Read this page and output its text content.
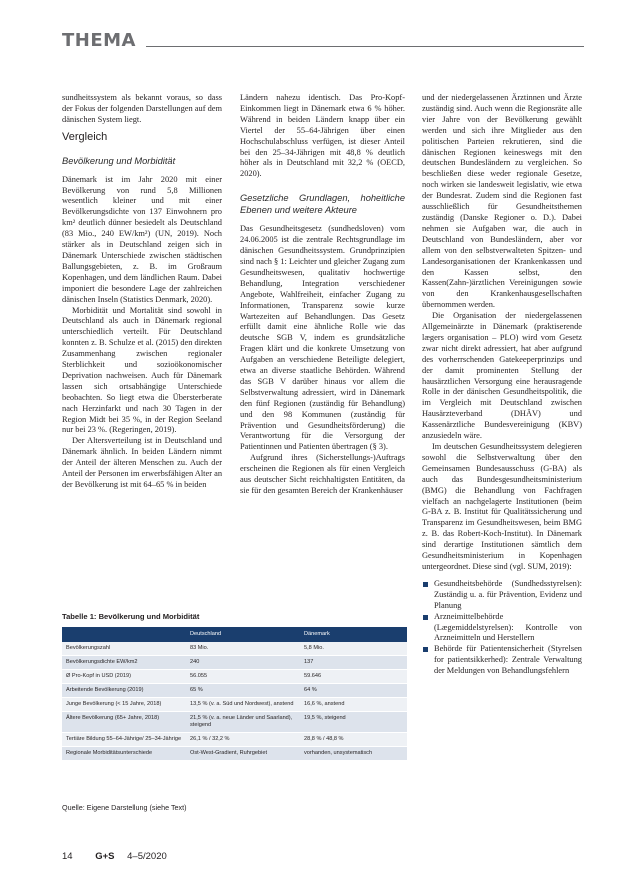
THEMA

sundheitssystem als bekannt voraus, so dass der Fokus der folgenden Darstellungen auf dem dänischen System liegt.

Vergleich
Bevölkerung und Morbidität

Dänemark ist im Jahr 2020 mit einer Bevölkerung von rund 5,8 Millionen wesentlich kleiner und mit einer Bevölkerungsdichte von 137 Einwohnern pro km² deutlich dünner besiedelt als Deutschland (83 Mio., 240 EW/km²) (UN, 2019). Noch stärker als in Deutschland zeigen sich in Dänemark Unterschiede zwischen städtischen Ballungsgebieten, z. B. im Großraum Kopenhagen, und dem ländlichen Raum. Dabei imponiert die besondere Lage der zahlreichen dänischen Inseln (Statistics Denmark, 2020).

Morbidität und Mortalität sind sowohl in Deutschland als auch in Dänemark regional unterschiedlich verteilt. Für Deutschland konnten z. B. Schulze et al. (2015) den direkten Zusammenhang zwischen regionaler Sterblichkeit und sozioökonomischer Deprivation nachweisen. Auch für Dänemark lassen sich ortsabhängige Unterschiede beobachten. So liegt etwa die Übersterberate nach Herzinfarkt und nach 30 Tagen in der Region Midt bei 35 %, in der Region Seeland nur bei 23 %. (Regeringen, 2019).

Der Altersverteilung ist in Deutschland und Dänemark ähnlich. In beiden Ländern nimmt der Anteil der älteren Menschen zu. Auch der Anteil der Personen im erwerbsfähigen Alter an der Bevölkerung ist mit 64–65 % in beiden

Ländern nahezu identisch. Das Pro-Kopf-Einkommen liegt in Dänemark etwa 6 % höher. Während in beiden Ländern knapp über ein Viertel der 55–64-Jährigen über einen Hochschulabschluss verfügen, ist dieser Anteil bei den 25–34-Jährigen mit 48,8 % deutlich höher als in Deutschland mit 32,2 % (OECD, 2020).

Gesetzliche Grundlagen, hoheitliche Ebenen und weitere Akteure

Das Gesundheitsgesetz (sundhedsloven) vom 24.06.2005 ist die zentrale Rechtsgrundlage im dänischen Gesundheitssystem. Grundprinzipien sind nach § 1: Leichter und gleicher Zugang zum Gesundheitswesen, qualitativ hochwertige Behandlung, Integration verschiedener Angebote, Wahlfreiheit, einfacher Zugang zu Informationen, Transparenz sowie kurze Wartezeiten auf Behandlungen. Das Gesetz erfüllt damit eine ähnliche Rolle wie das deutsche SGB V, indem es grundsätzliche Fragen klärt und die konkrete Umsetzung von Aufgaben an verschiedene Beteiligte delegiert, etwa an diverse staatliche Behörden. Während das SGB V darüber hinaus vor allem die Selbstverwaltung adressiert, wird in Dänemark den fünf Regionen (zuständig für Behandlung) und den 98 Kommunen (zuständig für Prävention und Gesundheitsförderung) die Verantwortung für die Versorgung der Patientinnen und Patienten übertragen (§ 3).

Aufgrund ihres (Sicherstellungs-)Auftrags erscheinen die Regionen als für einen Vergleich aus deutscher Sicht reichhaltigsten Entitäten, da sie für den gesamten Bereich der Krankenhäuser

und der niedergelassenen Ärztinnen und Ärzte zuständig sind. Auch wenn die Regionsräte alle vier Jahre von der Bevölkerung gewählt werden und sich ihre Mitglieder aus den politischen Parteien rekrutieren, sind die dänischen Regionen keineswegs mit den deutschen Bundesländern zu vergleichen. So beschließen diese weder regionale Gesetze, noch wirken sie landesweit legislativ, wie etwa der Bundesrat. Zudem sind die Regionen fast ausschließlich für Gesundheitsthemen zuständig (Danske Regioner o. D.). Dabei nehmen sie Aufgaben war, die auch in Deutschland von Bundesländern, aber vor allem von den selbstverwalteten Spitzen- und Landesorganisationen der Krankenkassen und den Kassen selbst, den Kassen(Zahn-)ärztlichen Vereinigungen sowie von den Krankenhausgesellschaften übernommen werden.

Die Organisation der niedergelassenen Allgemeinärzte in Dänemark (praktiserende lægers organisation – PLO) wird vom Gesetz zwar nicht direkt adressiert, hat aber aufgrund des vorherrschenden Gatekeeperprinzips und der damit prominenten Stellung der hausärztlichen Versorgung eine herausragende Rolle in der dänischen Gesundheitspolitik, die im Vergleich mit Deutschland zwischen Hausärzteverband (DHÄV) und Kassenärztliche Bundesvereinigung (KBV) anzusiedeln wäre.

Im deutschen Gesundheitssystem delegieren sowohl die Selbstverwaltung über den Gemeinsamen Bundesausschuss (G-BA) als auch das Bundesgesundheitsministerium (BMG) die Behandlung von Fachfragen vielfach an nachgelagerte Institutionen (beim G-BA z. B. Institut für Qualitätssicherung und Transparenz im Gesundheitswesen, beim BMG z. B. das Robert-Koch-Institut). In Dänemark sind derartige Institutionen sämtlich dem Gesundheitsministerium in Kopenhagen untergeordnet. Diese sind (vgl. SUM, 2019):

Gesundheitsbehörde (Sundhedsstyrelsen): Zuständig u. a. für Prävention, Evidenz und Planung
Arzneimittelbehörde (Lægemiddelstyrelsen): Kontrolle von Arzneimitteln und Herstellern
Behörde für Patientensicherheit (Styrelsen for patientsikkerhed): Zentrale Verwaltung der Meldungen von Behandlungsfehlern
Tabelle 1: Bevölkerung und Morbidität
	Deutschland	Dänemark
Bevölkerungszahl	83 Mio.	5,8 Mio.
Bevölkerungsdichte EW/km2	240	137
Ø Pro-Kopf in USD (2019)	56.055	59.646
Arbeitende Bevölkerung (2019)	65 %	64 %
Junge Bevölkerung (< 15 Jahre, 2018)	13,5 % (v. a. Süd und Nordwest), anstend	16,6 %, anstend
Ältere Bevölkerung (65+ Jahre, 2018)	21,5 % (v. a. neue Länder und Saarland), steigend	19,5 %, steigend
Tertiäre Bildung 55–64-Jährige/ 25–34-Jährige	26,1 % / 32,2 %	28,8 % / 48,8 %
Regionale Morbiditätsunterschiede	Ost-West-Gradient, Ruhrgebiet	vorhanden, unsystematisch
Quelle: Eigene Darstellung (siehe Text)
14 G+S 4–5/2020
